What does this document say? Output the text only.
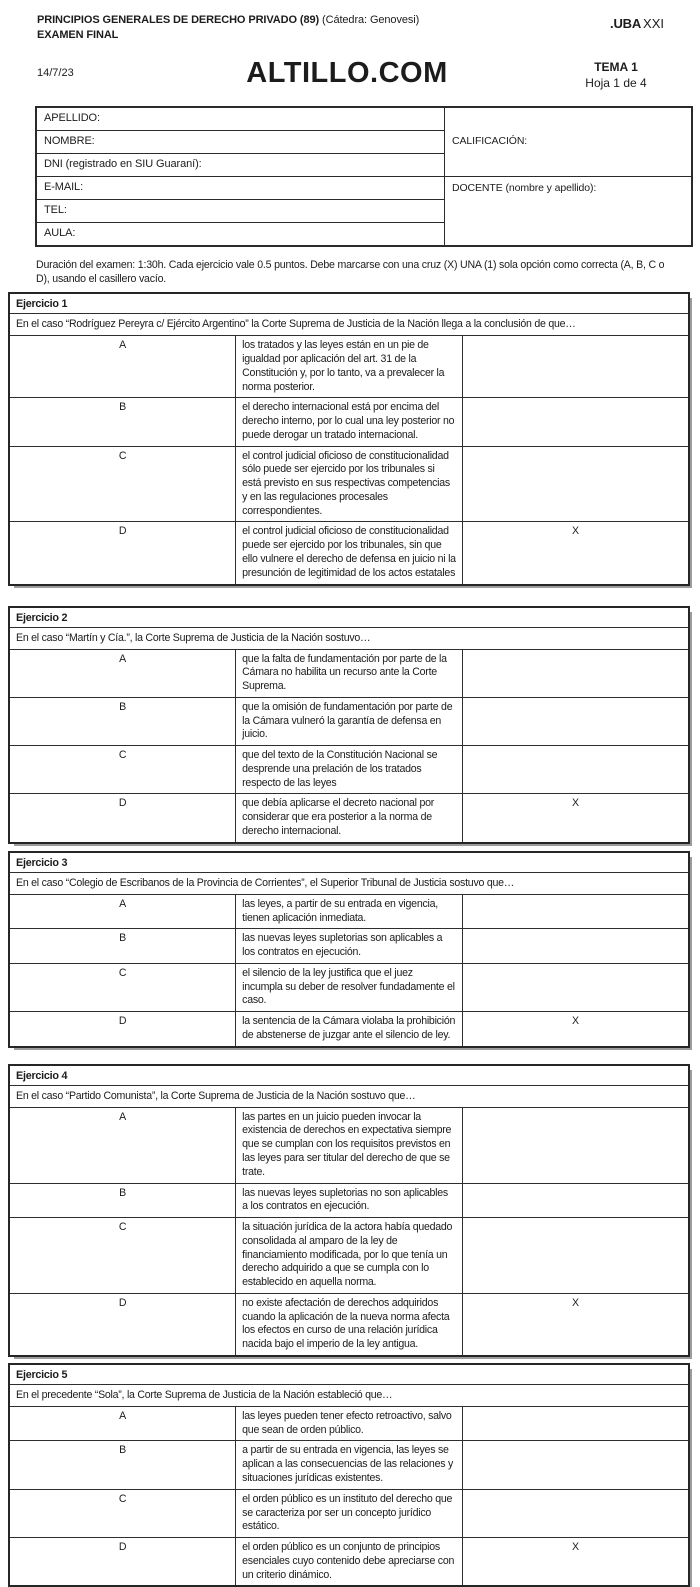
PRINCIPIOS GENERALES DE DERECHO PRIVADO (89) (Cátedra: Genovesi)
EXAMEN FINAL
.UBA XXI
14/7/23	ALTILLO.COM	TEMA 1
Hoja 1 de 4
APELLIDO:	CALIFICACIÓN:
NOMBRE:	
DNI (registrado en SIU Guaraní):	
E-MAIL:	DOCENTE (nombre y apellido):
TEL:	
AULA:	
Duración del examen: 1:30h. Cada ejercicio vale 0.5 puntos. Debe marcarse con una cruz (X) UNA (1) sola opción como correcta (A, B, C o D), usando el casillero vacío.
Ejercicio 1		
En el caso “Rodríguez Pereyra c/ Ejército Argentino” la Corte Suprema de Justicia de la Nación llega a la conclusión de que…		
A	los tratados y las leyes están en un pie de igualdad por aplicación del art. 31 de la Constitución y, por lo tanto, va a prevalecer la norma posterior.	
B	el derecho internacional está por encima del derecho interno, por lo cual una ley posterior no puede derogar un tratado internacional.	
C	el control judicial oficioso de constitucionalidad sólo puede ser ejercido por los tribunales si está previsto en sus respectivas competencias y en las regulaciones procesales correspondientes.	
D	el control judicial oficioso de constitucionalidad puede ser ejercido por los tribunales, sin que ello vulnere el derecho de defensa en juicio ni la presunción de legitimidad de los actos estatales	X
Ejercicio 2		
En el caso “Martín y Cía.”, la Corte Suprema de Justicia de la Nación sostuvo…		
A	que la falta de fundamentación por parte de la Cámara no habilita un recurso ante la Corte Suprema.	
B	que la omisión de fundamentación por parte de la Cámara vulneró la garantía de defensa en juicio.	
C	que del texto de la Constitución Nacional se desprende una prelación de los tratados respecto de las leyes	
D	que debía aplicarse el decreto nacional por considerar que era posterior a la norma de derecho internacional.	X
Ejercicio 3		
En el caso “Colegio de Escribanos de la Provincia de Corrientes”, el Superior Tribunal de Justicia sostuvo que…		
A	las leyes, a partir de su entrada en vigencia, tienen aplicación inmediata.	
B	las nuevas leyes supletorias son aplicables a los contratos en ejecución.	
C	el silencio de la ley justifica que el juez incumpla su deber de resolver fundadamente el caso.	
D	la sentencia de la Cámara violaba la prohibición de abstenerse de juzgar ante el silencio de ley.	X
Ejercicio 4		
En el caso “Partido Comunista”, la Corte Suprema de Justicia de la Nación sostuvo que…		
A	las partes en un juicio pueden invocar la existencia de derechos en expectativa siempre que se cumplan con los requisitos previstos en las leyes para ser titular del derecho de que se trate.	
B	las nuevas leyes supletorias no son aplicables a los contratos en ejecución.	
C	la situación jurídica de la actora había quedado consolidada al amparo de la ley de financiamiento modificada, por lo que tenía un derecho adquirido a que se cumpla con lo establecido en aquella norma.	
D	no existe afectación de derechos adquiridos cuando la aplicación de la nueva norma afecta los efectos en curso de una relación jurídica nacida bajo el imperio de la ley antigua.	X
Ejercicio 5		
En el precedente “Sola”, la Corte Suprema de Justicia de la Nación estableció que…		
A	las leyes pueden tener efecto retroactivo, salvo que sean de orden público.	
B	a partir de su entrada en vigencia, las leyes se aplican a las consecuencias de las relaciones y situaciones jurídicas existentes.	
C	el orden público es un instituto del derecho que se caracteriza por ser un concepto jurídico estático.	
D	el orden público es un conjunto de principios esenciales cuyo contenido debe apreciarse con un criterio dinámico.	X
